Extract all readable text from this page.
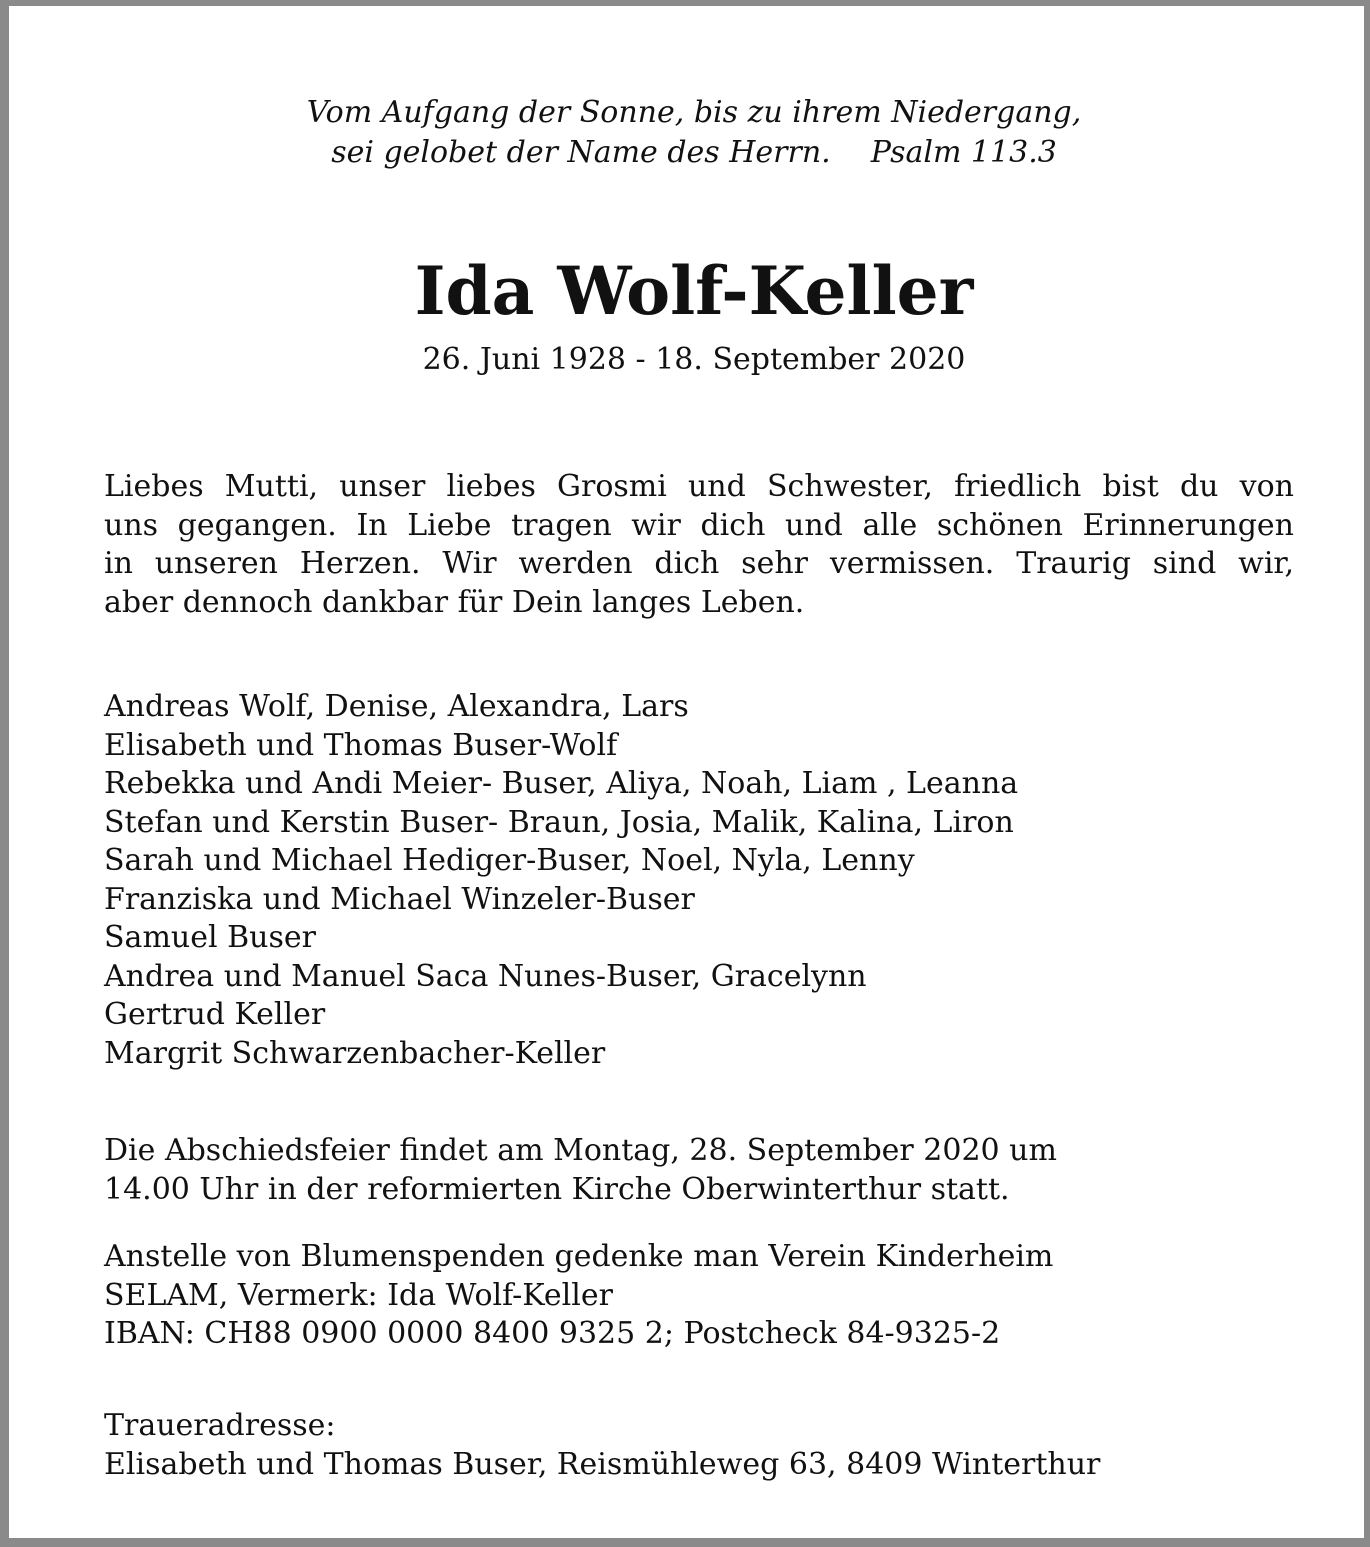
Vom Aufgang der Sonne, bis zu ihrem Niedergang,
sei gelobet der Name des Herrn. Psalm 113.3
Ida Wolf-Keller
26. Juni 1928 - 18. September 2020
Liebes Mutti, unser liebes Grosmi und Schwester, friedlich bist du von
uns gegangen. In Liebe tragen wir dich und alle schönen Erinnerungen
in unseren Herzen. Wir werden dich sehr vermissen. Traurig sind wir,
aber dennoch dankbar für Dein langes Leben.
Andreas Wolf, Denise, Alexandra, Lars
Elisabeth und Thomas Buser-Wolf
Rebekka und Andi Meier- Buser, Aliya, Noah, Liam , Leanna
Stefan und Kerstin Buser- Braun, Josia, Malik, Kalina, Liron
Sarah und Michael Hediger-Buser, Noel, Nyla, Lenny
Franziska und Michael Winzeler-Buser
Samuel Buser
Andrea und Manuel Saca Nunes-Buser, Gracelynn
Gertrud Keller
Margrit Schwarzenbacher-Keller
Die Abschiedsfeier findet am Montag, 28. September 2020 um
14.00 Uhr in der reformierten Kirche Oberwinterthur statt.
Anstelle von Blumenspenden gedenke man Verein Kinderheim
SELAM, Vermerk: Ida Wolf-Keller
IBAN: CH88 0900 0000 8400 9325 2; Postcheck 84-9325-2
Traueradresse:
Elisabeth und Thomas Buser, Reismühleweg 63, 8409 Winterthur
